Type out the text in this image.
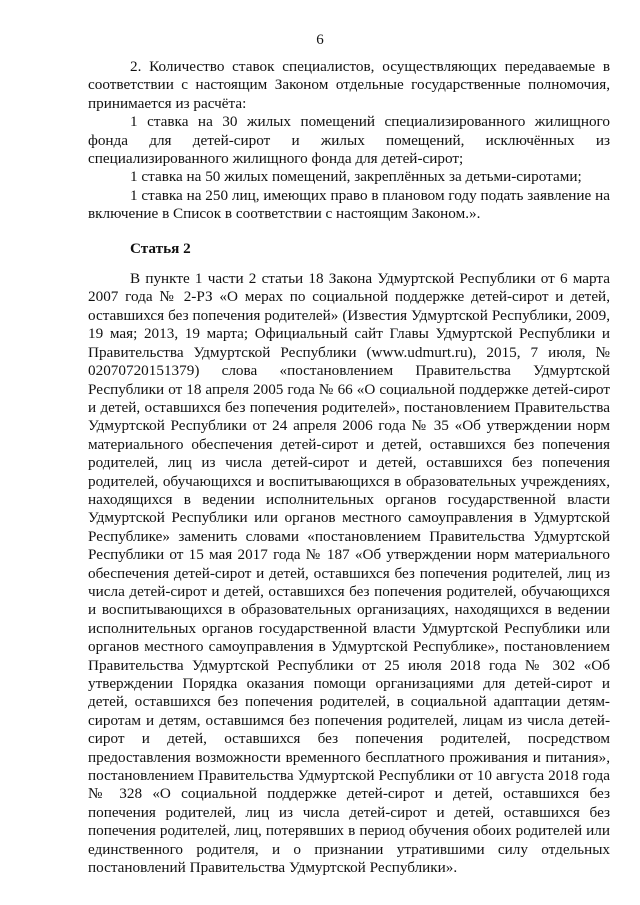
6

2. Количество ставок специалистов, осуществляющих передаваемые в соответствии с настоящим Законом отдельные государственные полномочия, принимается из расчёта:

1 ставка на 30 жилых помещений специализированного жилищного фонда для детей-сирот и жилых помещений, исключённых из специализированного жилищного фонда для детей-сирот;

1 ставка на 50 жилых помещений, закреплённых за детьми-сиротами;

1 ставка на 250 лиц, имеющих право в плановом году подать заявление на включение в Список в соответствии с настоящим Законом.».

Статья 2

В пункте 1 части 2 статьи 18 Закона Удмуртской Республики от 6 марта 2007 года № 2-РЗ «О мерах по социальной поддержке детей-сирот и детей, оставшихся без попечения родителей» (Известия Удмуртской Республики, 2009, 19 мая; 2013, 19 марта; Официальный сайт Главы Удмуртской Республики и Правительства Удмуртской Республики (www.udmurt.ru), 2015, 7 июля, № 02070720151379) слова «постановлением Правительства Удмуртской Республики от 18 апреля 2005 года № 66 «О социальной поддержке детей-сирот и детей, оставшихся без попечения родителей», постановлением Правительства Удмуртской Республики от 24 апреля 2006 года № 35 «Об утверждении норм материального обеспечения детей-сирот и детей, оставшихся без попечения родителей, лиц из числа детей-сирот и детей, оставшихся без попечения родителей, обучающихся и воспитывающихся в образовательных учреждениях, находящихся в ведении исполнительных органов государственной власти Удмуртской Республики или органов местного самоуправления в Удмуртской Республике» заменить словами «постановлением Правительства Удмуртской Республики от 15 мая 2017 года № 187 «Об утверждении норм материального обеспечения детей-сирот и детей, оставшихся без попечения родителей, лиц из числа детей-сирот и детей, оставшихся без попечения родителей, обучающихся и воспитывающихся в образовательных организациях, находящихся в ведении исполнительных органов государственной власти Удмуртской Республики или органов местного самоуправления в Удмуртской Республике», постановлением Правительства Удмуртской Республики от 25 июля 2018 года № 302 «Об утверждении Порядка оказания помощи организациями для детей-сирот и детей, оставшихся без попечения родителей, в социальной адаптации детям-сиротам и детям, оставшимся без попечения родителей, лицам из числа детей-сирот и детей, оставшихся без попечения родителей, посредством предоставления возможности временного бесплатного проживания и питания», постановлением Правительства Удмуртской Республики от 10 августа 2018 года № 328 «О социальной поддержке детей-сирот и детей, оставшихся без попечения родителей, лиц из числа детей-сирот и детей, оставшихся без попечения родителей, лиц, потерявших в период обучения обоих родителей или единственного родителя, и о признании утратившими силу отдельных постановлений Правительства Удмуртской Республики».
